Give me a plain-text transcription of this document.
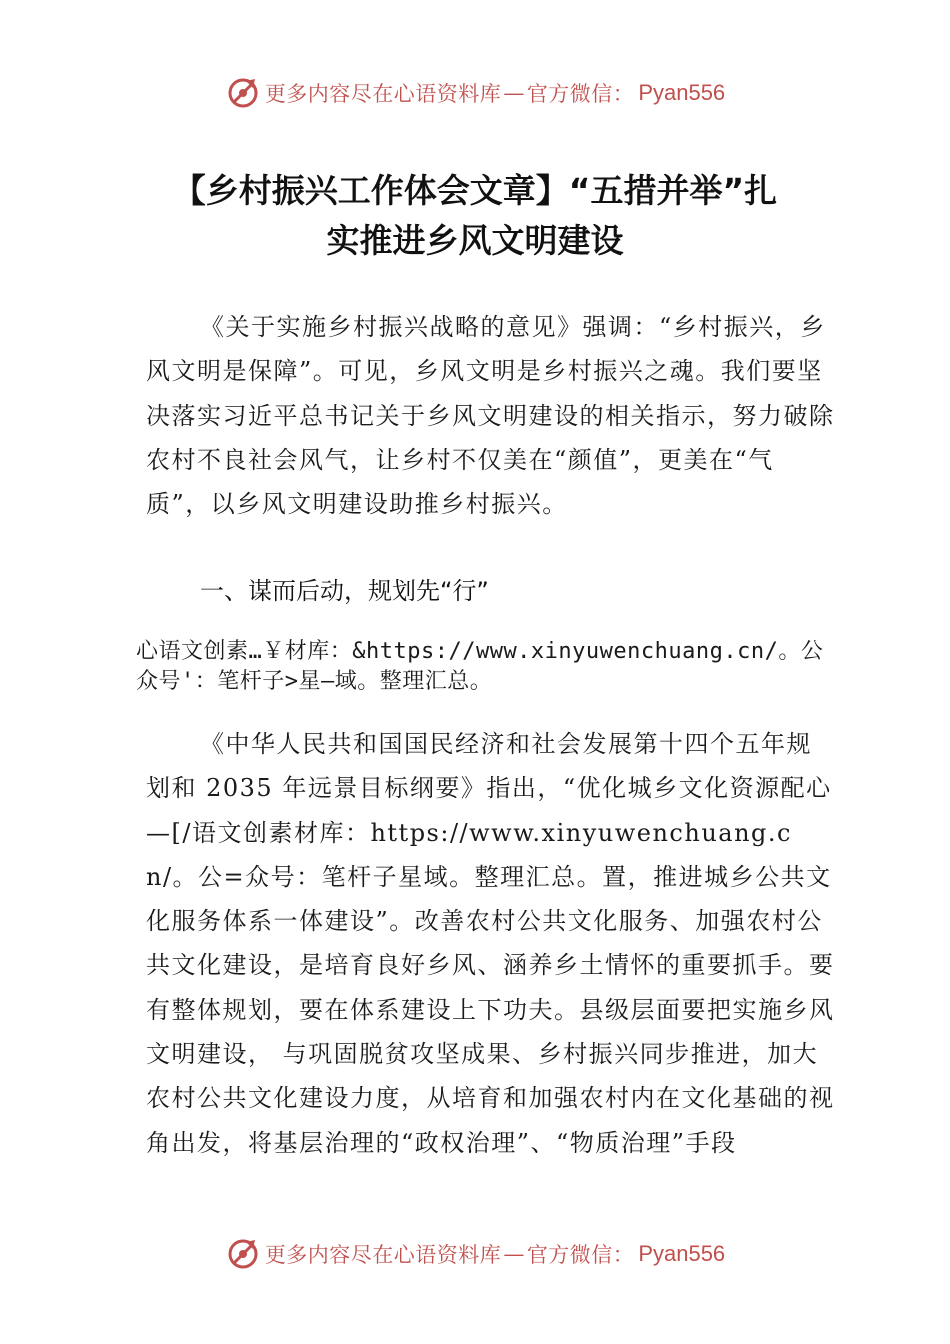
更多内容尽在心语资料库 — 官方微信： Pyan556
【乡村振兴工作体会文章】“五措并举”扎
实推进乡风文明建设

《关于实施乡村振兴战略的意见》强调：“乡村振兴，乡风文明是保障”。可见，乡风文明是乡村振兴之魂。我们要坚决落实习近平总书记关于乡风文明建设的相关指示，努力破除农村不良社会风气，让乡村不仅美在“颜值”，更美在“气质”，以乡风文明建设助推乡村振兴。

一、谋而后动，规划先“行”

心语文创素…￥材库：&https://www.xinyuwenchuang.cn/。公众号'：笔杆子>星—域。整理汇总。

《中华人民共和国国民经济和社会发展第十四个五年规划和 2035 年远景目标纲要》指出，“优化城乡文化资源配心—[/语文创素材库：https://www.xinyuwenchuang.cn/。公=众号：笔杆子星域。整理汇总。置，推进城乡公共文化服务体系一体建设”。改善农村公共文化服务、加强农村公共文化建设，是培育良好乡风、涵养乡土情怀的重要抓手。要有整体规划，要在体系建设上下功夫。县级层面要把实施乡风文明建设， 与巩固脱贫攻坚成果、乡村振兴同步推进，加大农村公共文化建设力度，从培育和加强农村内在文化基础的视角出发，将基层治理的“政权治理”、“物质治理”手段

更多内容尽在心语资料库 — 官方微信： Pyan556
